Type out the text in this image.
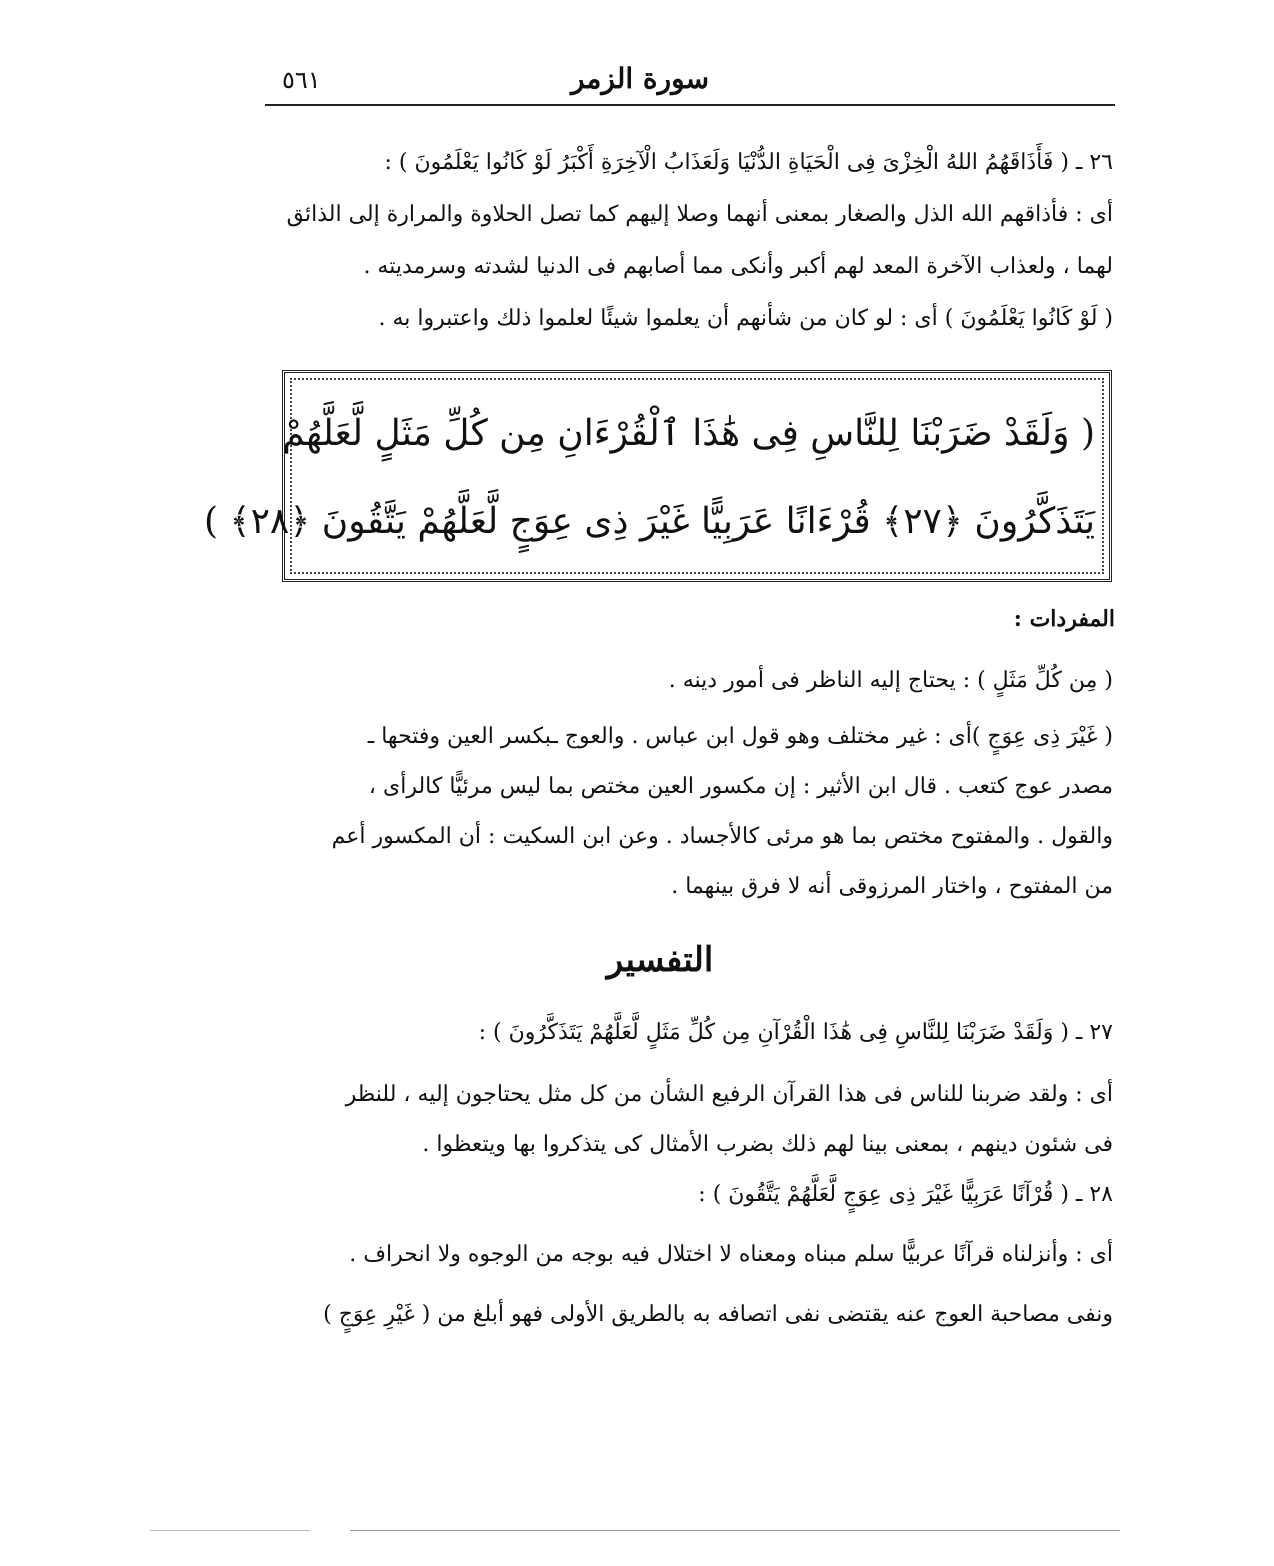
سورة الزمر
٥٦١
٢٦ ـ ( فَأَذَاقَهُمُ اللهُ الْخِزْىَ فِى الْحَيَاةِ الدُّنْيَا وَلَعَذَابُ الْآخِرَةِ أَكْبَرُ لَوْ كَانُوا يَعْلَمُونَ ) :
أى : فأذاقهم الله الذل والصغار بمعنى أنهما وصلا إليهم كما تصل الحلاوة والمرارة إلى الذائق
لهما ، ولعذاب الآخرة المعد لهم أكبر وأنكى مما أصابهم فى الدنيا لشدته وسرمديته .
( لَوْ كَانُوا يَعْلَمُونَ ) أى : لو كان من شأنهم أن يعلموا شيئًا لعلموا ذلك واعتبروا به .
( وَلَقَدْ ضَرَبْنَا لِلنَّاسِ فِى هَٰذَا ٱلْقُرْءَانِ مِن كُلِّ مَثَلٍ لَّعَلَّهُمْ
يَتَذَكَّرُونَ ﴿٢٧﴾ قُرْءَانًا عَرَبِيًّا غَيْرَ ذِى عِوَجٍ لَّعَلَّهُمْ يَتَّقُونَ ﴿٢٨﴾ )
المفردات :
( مِن كُلِّ مَثَلٍ ) : يحتاج إليه الناظر فى أمور دينه .
( غَيْرَ ذِى عِوَجٍ )أى : غير مختلف وهو قول ابن عباس . والعوج ـبكسر العين وفتحها ـ
مصدر عوج كتعب . قال ابن الأثير : إن مكسور العين مختص بما ليس مرئيًّا كالرأى ،
والقول . والمفتوح مختص بما هو مرئى كالأجساد . وعن ابن السكيت : أن المكسور أعم
من المفتوح ، واختار المرزوقى أنه لا فرق بينهما .
التفسير
٢٧ ـ ( وَلَقَدْ ضَرَبْنَا لِلنَّاسِ فِى هَٰذَا الْقُرْآنِ مِن كُلِّ مَثَلٍ لَّعَلَّهُمْ يَتَذَكَّرُونَ ) :
أى : ولقد ضربنا للناس فى هذا القرآن الرفيع الشأن من كل مثل يحتاجون إليه ، للنظر
فى شئون دينهم ، بمعنى بينا لهم ذلك بضرب الأمثال كى يتذكروا بها ويتعظوا .
٢٨ ـ ( قُرْآنًا عَرَبِيًّا غَيْرَ ذِى عِوَجٍ لَّعَلَّهُمْ يَتَّقُونَ ) :
أى : وأنزلناه قرآنًا عربيًّا سلم مبناه ومعناه لا اختلال فيه بوجه من الوجوه ولا انحراف .
ونفى مصاحبة العوج عنه يقتضى نفى اتصافه به بالطريق الأولى فهو أبلغ من ( غَيْرِ عِوَجٍ )
